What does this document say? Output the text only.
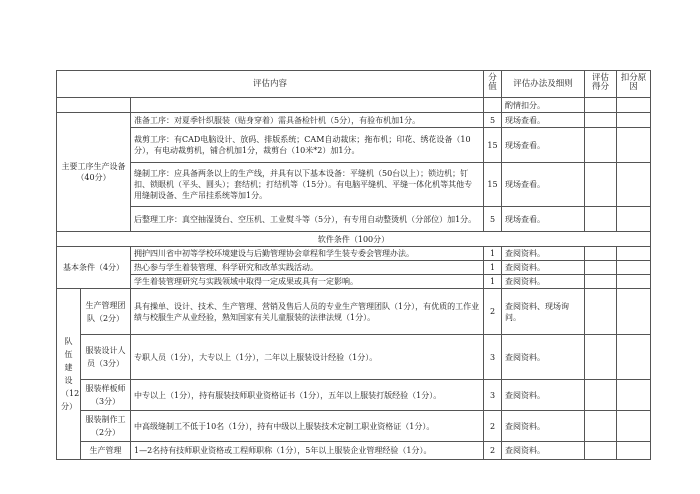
评估内容			分值	评估办法及细则	评估得分	扣分原因
				酌情扣分。		
主要工序生产设备（40分）		准备工序：对夏季针织服装（贴身穿着）需具备检针机（5分），有验布机加1分。	5	现场查看。		
		裁剪工序：有CAD电脑设计、放码、排版系统；CAM自动裁床；拖布机；印花、绣花设备（10分），有电动裁剪机，铺合机加1分，裁剪台（10米*2）加1分。	15	现场查看。		
		缝制工序：应具备两条以上的生产线，并具有以下基本设备：平缝机（50台以上）；锁边机；钉扣、锁眼机（平头、圆头）；套结机；打结机等（15分）。有电脑平缝机、平缝一体化机等其他专用缝制设备、生产吊挂系统等加1分。	15	现场查看。		
		后整理工序：真空抽湿烫台、空压机、工业熨斗等（5分），有专用自动整烫机（分部位）加1分。	5	现场查看。		
软件条件（100分）						
基本条件（4分）		拥护四川省中初等学校环境建设与后勤管理协会章程和学生装专委会管理办法。	1	查阅资料。		
		热心参与学生着装管理、科学研究和改革实践活动。	1	查阅资料。		
		学生着装管理研究与实践领域中取得一定成果或具有一定影响。	1	查阅资料。		
队伍建设（12分）	生产管理团队（2分）	具有操单、设计、技术、生产管理、营销及售后人员的专业生产管理团队（1分），有优质的工作业绩与校服生产从业经验，熟知国家有关儿童服装的法律法规（1分）。	2	查阅资料、现场询问。		
	服装设计人员（3分）	专职人员（1分），大专以上（1分），二年以上服装设计经验（1分）。	3	查阅资料。		
	服装样板师（3分）	中专以上（1分），持有服装技师职业资格证书（1分），五年以上服装打版经验（1分）。	3	查阅资料。		
	服装制作工（2分）	中高级缝制工不低于10名（1分），持有中级以上服装技术定制工职业资格证（1分）。	2	查阅资料。		
	生产管理	1—2名持有技师职业资格或工程师职称（1分），5年以上服装企业管理经验（1分）。	2	查阅资料。		
